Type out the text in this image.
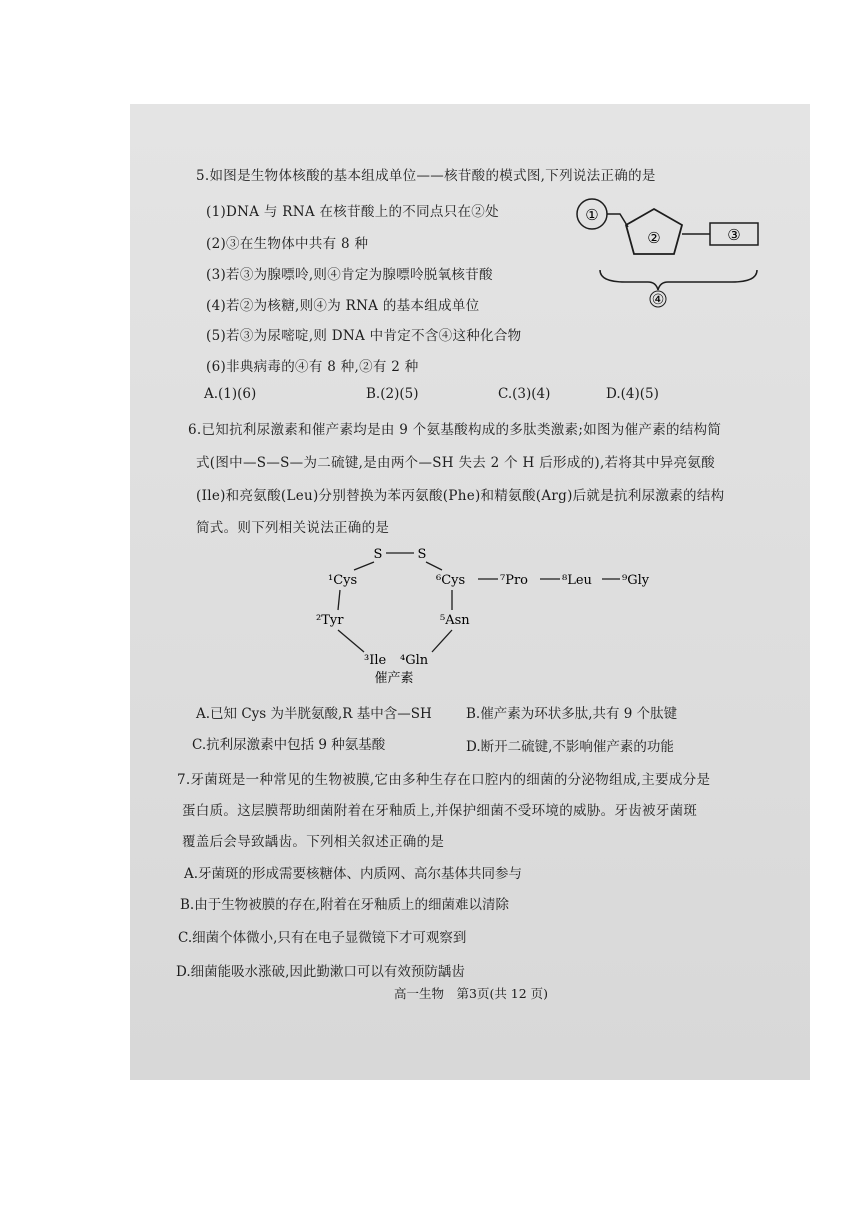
5.如图是生物体核酸的基本组成单位——核苷酸的模式图,下列说法正确的是
(1)DNA 与 RNA 在核苷酸上的不同点只在②处
(2)③在生物体中共有 8 种
(3)若③为腺嘌呤,则④肯定为腺嘌呤脱氧核苷酸
(4)若②为核糖,则④为 RNA 的基本组成单位
(5)若③为尿嘧啶,则 DNA 中肯定不含④这种化合物
(6)非典病毒的④有 8 种,②有 2 种
A.(1)(6)	B.(2)(5)	C.(3)(4)	D.(4)(5)
①
②	③
④
6.已知抗利尿激素和催产素均是由 9 个氨基酸构成的多肽类激素;如图为催产素的结构简
式(图中—S—S—为二硫键,是由两个—SH 失去 2 个 H 后形成的),若将其中异亮氨酸
(Ile)和亮氨酸(Leu)分别替换为苯丙氨酸(Phe)和精氨酸(Arg)后就是抗利尿激素的结构
简式。则下列相关说法正确的是
S	S
¹Cys	⁶Cys	⁷Pro	⁸Leu ⁹Gly
²Tyr	⁵Asn
³Ile ⁴Gln
催产素
A.已知 Cys 为半胱氨酸,R 基中含—SH	B.催产素为环状多肽,共有 9 个肽键
C.抗利尿激素中包括 9 种氨基酸	D.断开二硫键,不影响催产素的功能
7.牙菌斑是一种常见的生物被膜,它由多种生存在口腔内的细菌的分泌物组成,主要成分是
蛋白质。这层膜帮助细菌附着在牙釉质上,并保护细菌不受环境的威胁。牙齿被牙菌斑
覆盖后会导致龋齿。下列相关叙述正确的是
A.牙菌斑的形成需要核糖体、内质网、高尔基体共同参与
B.由于生物被膜的存在,附着在牙釉质上的细菌难以清除
C.细菌个体微小,只有在电子显微镜下才可观察到
D.细菌能吸水涨破,因此勤漱口可以有效预防龋齿
高一生物　第3页(共 12 页)
